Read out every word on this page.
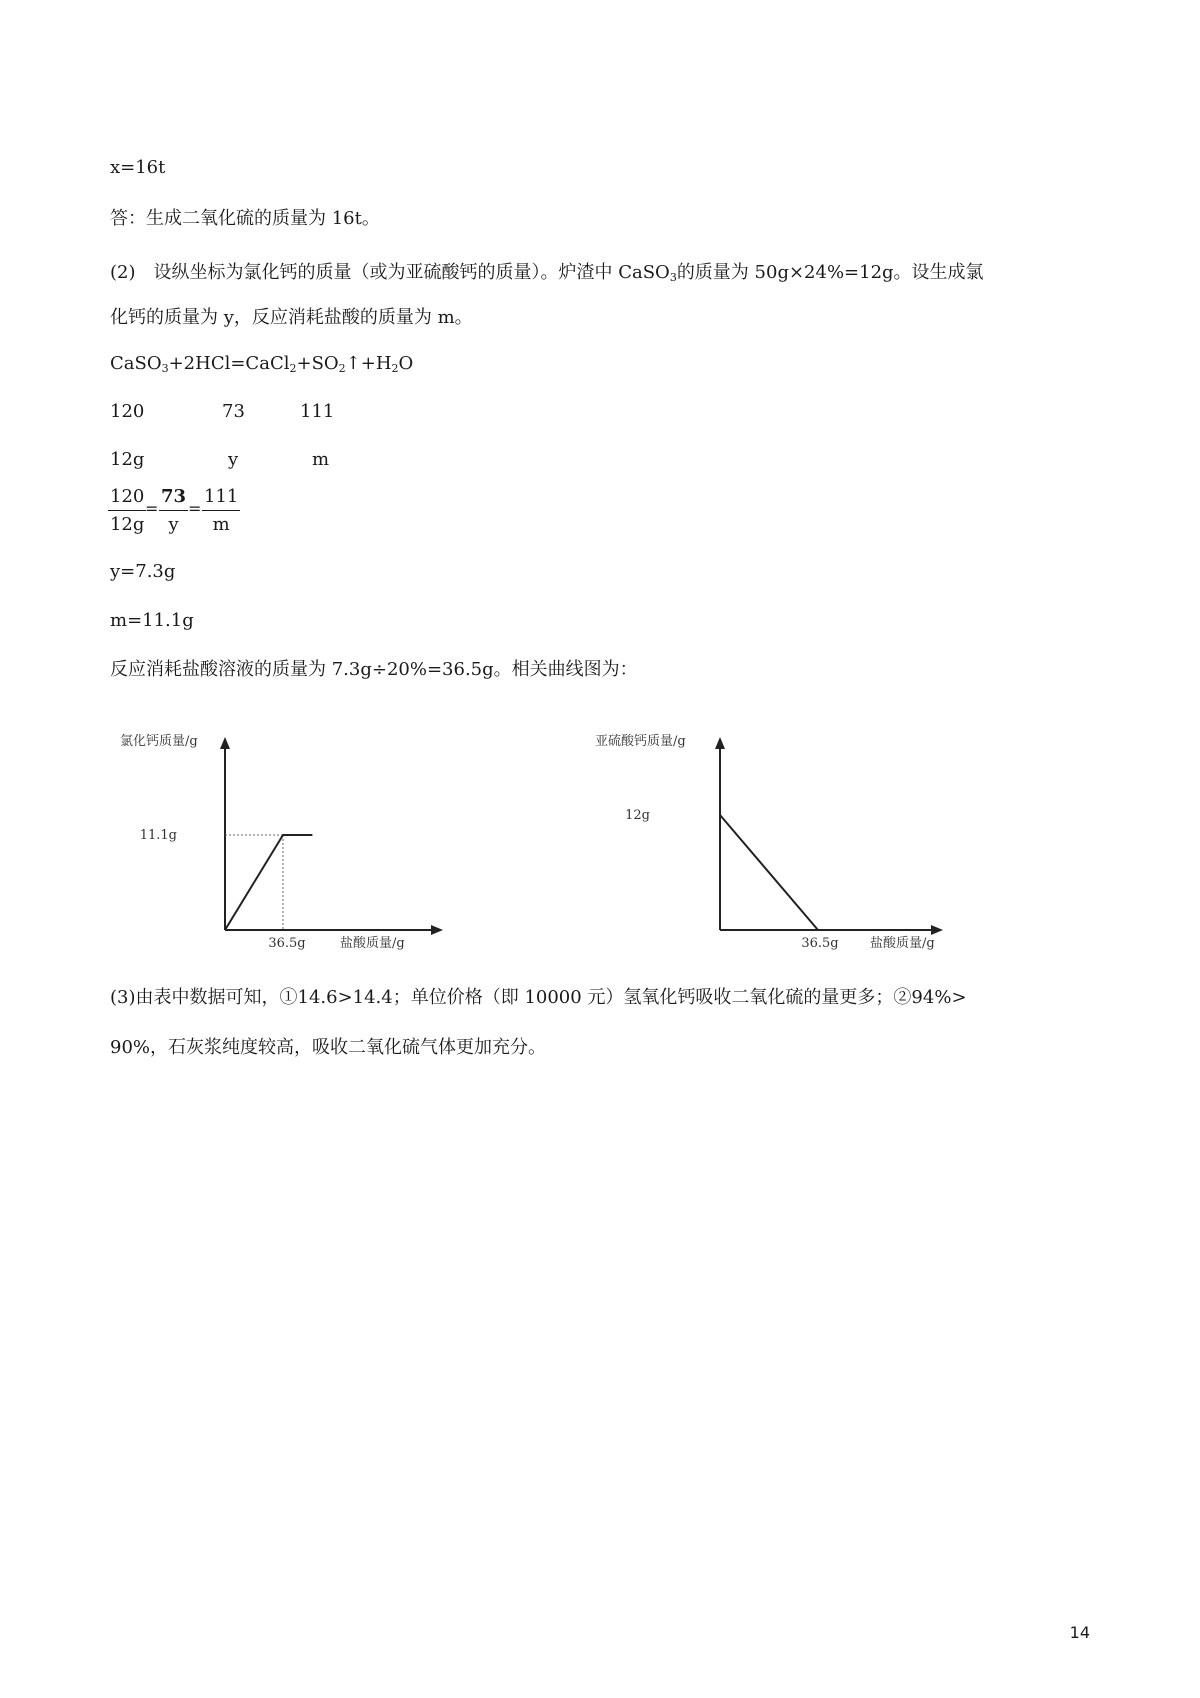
x=16t
答：生成二氧化硫的质量为 16t。
(2)　设纵坐标为氯化钙的质量（或为亚硫酸钙的质量）。炉渣中 CaSO$_3$的质量为 50g×24%=12g。设生成氯
化钙的质量为 y，反应消耗盐酸的质量为 m。
$CaSO_3+2HCl=CaCl_2+SO_2↑+H_2O$
120	73	111
12g	y	m
$\frac{120}{12g}$
= $\frac{73}{y} = \frac{111}{m}$
y=7.3g
m=11.1g
反应消耗盐酸溶液的质量为 7.3g÷20%=36.5g。相关曲线图为：
氯化钙质量/g
11.1g
36.5g	盐酸质量/g
亚硫酸钙质量/g
12g
36.5g 盐酸质量/g
(3)由表中数据可知，①14.6>14.4；单位价格（即 10000 元）氢氧化钙吸收二氧化硫的量更多；②94%>
90%，石灰浆纯度较高，吸收二氧化硫气体更加充分。
14
